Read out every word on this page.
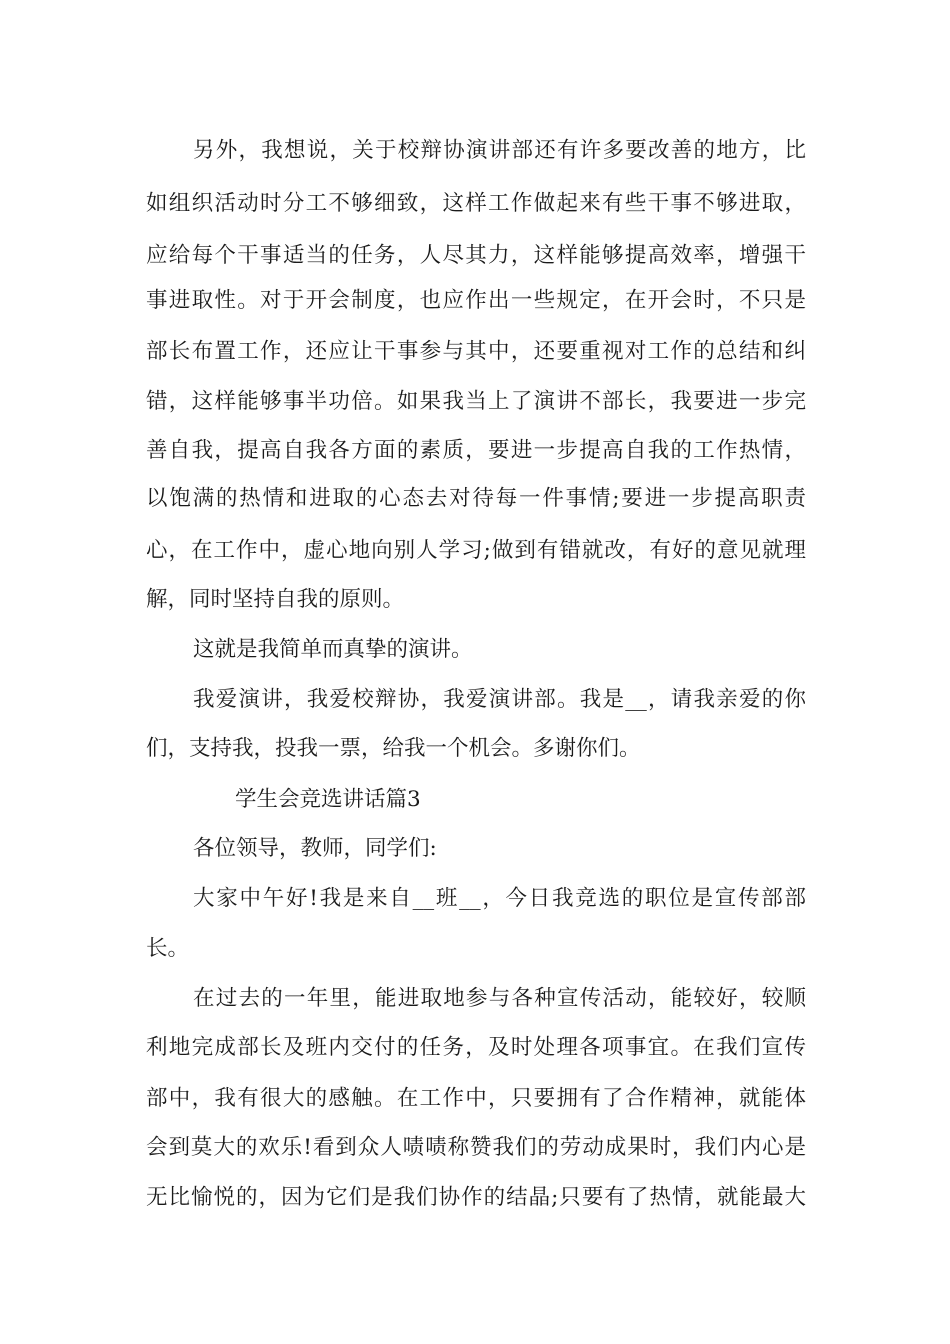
另外，我想说，关于校辩协演讲部还有许多要改善的地方，比
如组织活动时分工不够细致，这样工作做起来有些干事不够进取，
应给每个干事适当的任务，人尽其力，这样能够提高效率，增强干
事进取性。对于开会制度，也应作出一些规定，在开会时，不只是
部长布置工作，还应让干事参与其中，还要重视对工作的总结和纠
错，这样能够事半功倍。如果我当上了演讲不部长，我要进一步完
善自我，提高自我各方面的素质，要进一步提高自我的工作热情，
以饱满的热情和进取的心态去对待每一件事情;要进一步提高职责
心，在工作中，虚心地向别人学习;做到有错就改，有好的意见就理
解，同时坚持自我的原则。
这就是我简单而真挚的演讲。
我爱演讲，我爱校辩协，我爱演讲部。我是__，请我亲爱的你
们，支持我，投我一票，给我一个机会。多谢你们。
学生会竞选讲话篇3
各位领导，教师，同学们:
大家中午好!我是来自__班__，今日我竞选的职位是宣传部部
长。
在过去的一年里，能进取地参与各种宣传活动，能较好，较顺
利地完成部长及班内交付的任务，及时处理各项事宜。在我们宣传
部中，我有很大的感触。在工作中，只要拥有了合作精神，就能体
会到莫大的欢乐!看到众人啧啧称赞我们的劳动成果时，我们内心是
无比愉悦的，因为它们是我们协作的结晶;只要有了热情，就能最大
